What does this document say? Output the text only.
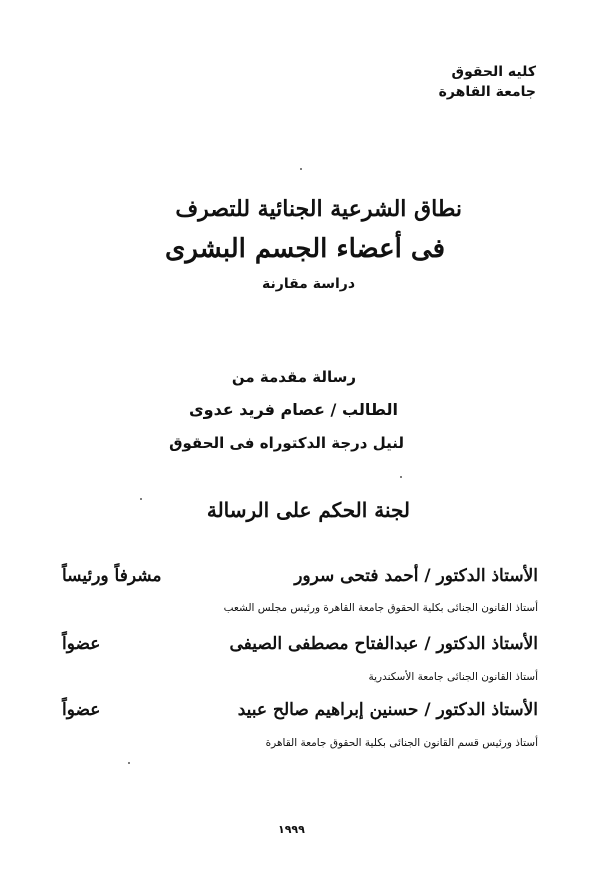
كليه الحقوق
جامعة القاهرة
نطاق الشرعية الجنائية للتصرف
فى أعضاء الجسم البشرى
دراسة مقارنة
رسالة مقدمة من
الطالب / عصام فريد عدوى
لنيل درجة الدكتوراه فى الحقوق
لجنة الحكم على الرسالة
الأستاذ الدكتور / أحمد فتحى سرور
مشرفاً ورئيساً
أستاذ القانون الجنائى بكلية الحقوق جامعة القاهرة ورئيس مجلس الشعب
الأستاذ الدكتور / عبدالفتاح مصطفى الصيفى
عضواً
أستاذ القانون الجنائى جامعة الأسكندرية
الأستاذ الدكتور / حسنين إبراهيم صالح عبيد
عضواً
أستاذ ورئيس قسم القانون الجنائى بكلية الحقوق جامعة القاهرة
١٩٩٩
